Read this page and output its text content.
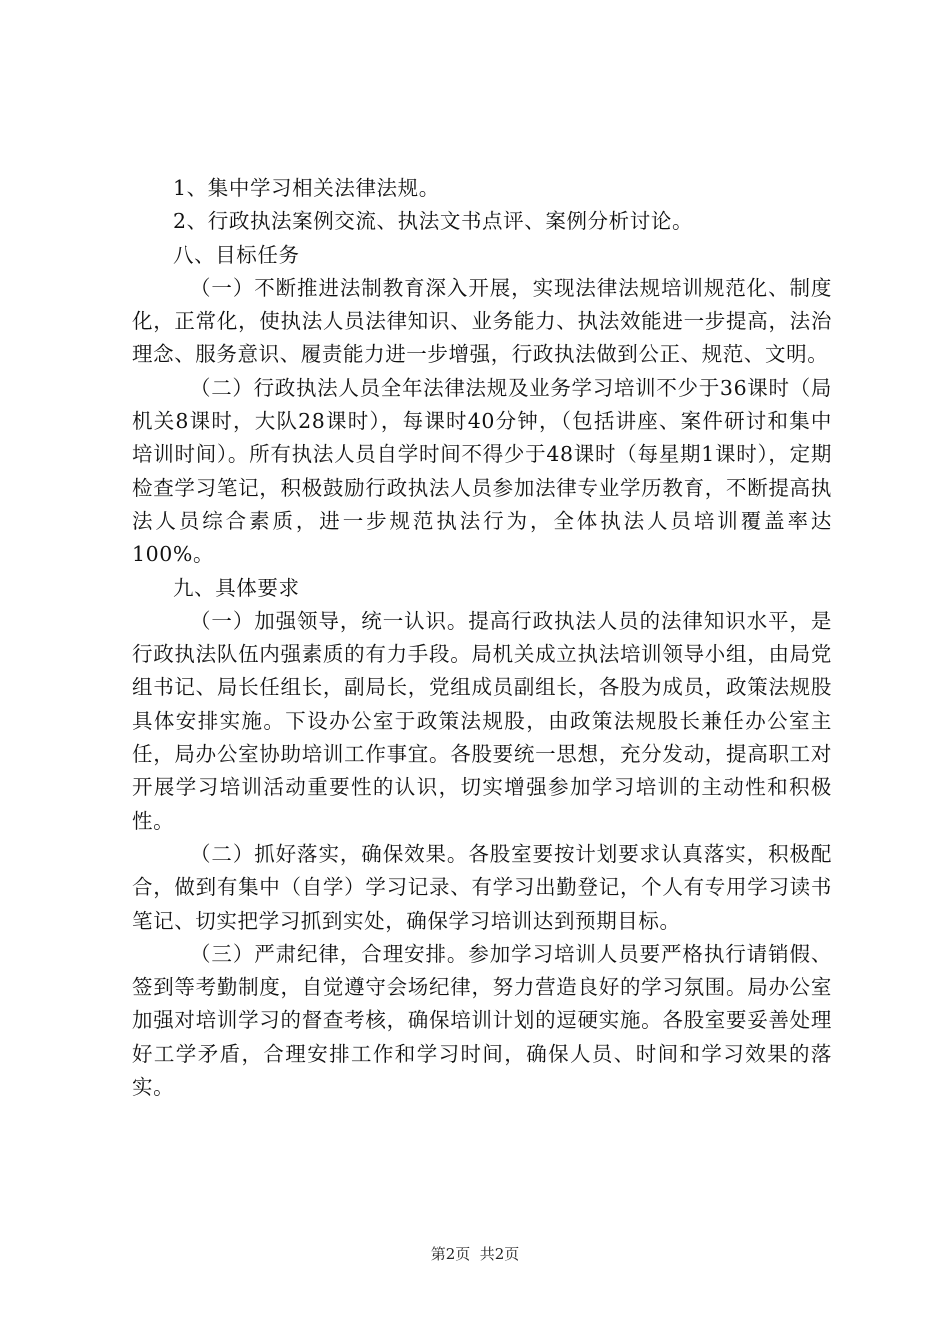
1、集中学习相关法律法规。

2、行政执法案例交流、执法文书点评、案例分析讨论。

八、目标任务

（一）不断推进法制教育深入开展，实现法律法规培训规范化、制度化，正常化，使执法人员法律知识、业务能力、执法效能进一步提高，法治理念、服务意识、履责能力进一步增强，行政执法做到公正、规范、文明。

（二）行政执法人员全年法律法规及业务学习培训不少于36课时（局机关8课时，大队28课时），每课时40分钟，（包括讲座、案件研讨和集中培训时间）。所有执法人员自学时间不得少于48课时（每星期1课时），定期检查学习笔记，积极鼓励行政执法人员参加法律专业学历教育，不断提高执法人员综合素质，进一步规范执法行为，全体执法人员培训覆盖率达100%。

九、具体要求

（一）加强领导，统一认识。提高行政执法人员的法律知识水平，是行政执法队伍内强素质的有力手段。局机关成立执法培训领导小组，由局党组书记、局长任组长，副局长，党组成员副组长，各股为成员，政策法规股具体安排实施。下设办公室于政策法规股，由政策法规股长兼任办公室主任，局办公室协助培训工作事宜。各股要统一思想，充分发动，提高职工对开展学习培训活动重要性的认识，切实增强参加学习培训的主动性和积极性。

（二）抓好落实，确保效果。各股室要按计划要求认真落实，积极配合，做到有集中（自学）学习记录、有学习出勤登记，个人有专用学习读书笔记、切实把学习抓到实处，确保学习培训达到预期目标。

（三）严肃纪律，合理安排。参加学习培训人员要严格执行请销假、签到等考勤制度，自觉遵守会场纪律，努力营造良好的学习氛围。局办公室加强对培训学习的督查考核，确保培训计划的逗硬实施。各股室要妥善处理好工学矛盾，合理安排工作和学习时间，确保人员、时间和学习效果的落实。

第2页  共2页
